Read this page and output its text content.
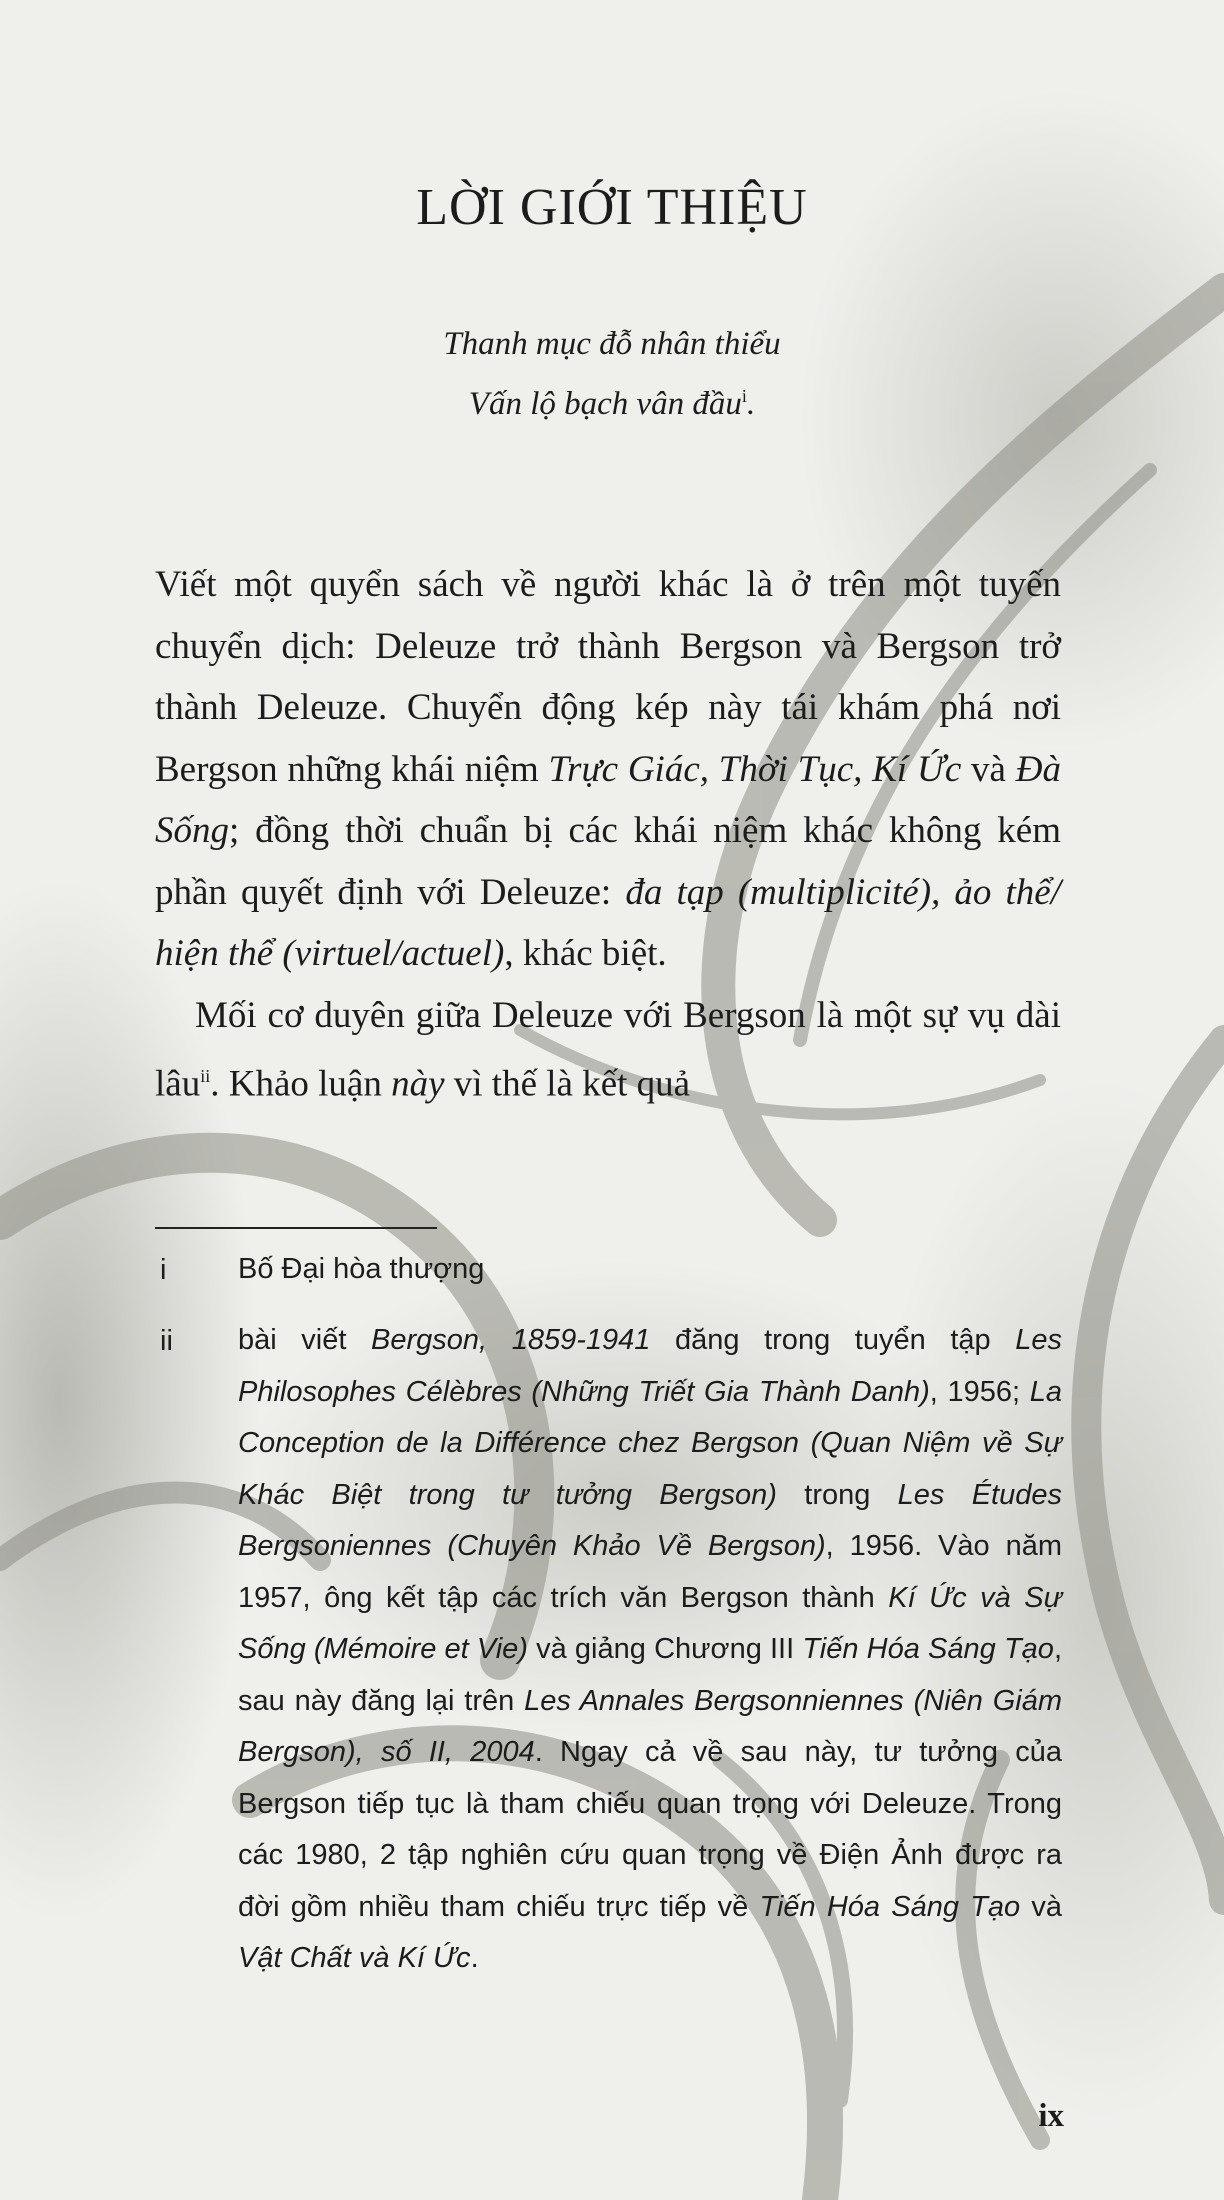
LỜI GIỚI THIỆU
Thanh mục đỗ nhân thiểu
Vấn lộ bạch vân đầu$^i$.

Viết một quyển sách về người khác là ở trên một tuyến chuyển dịch: Deleuze trở thành Bergson và Bergson trở thành Deleuze. Chuyển động kép này tái khám phá nơi Bergson những khái niệm Trực Giác, Thời Tục, Kí Ức và Đà Sống; đồng thời chuẩn bị các khái niệm khác không kém phần quyết định với Deleuze: đa tạp (multiplicité), ảo thể/ hiện thể (virtuel/actuel), khác biệt.

Mối cơ duyên giữa Deleuze với Bergson là một sự vụ dài lâu$^{ii}$. Khảo luận này vì thế là kết quả

i Bố Đại hòa thượng
ii bài viết Bergson, 1859-1941 đăng trong tuyển tập Les Philosophes Célèbres (Những Triết Gia Thành Danh), 1956; La Conception de la Différence chez Bergson (Quan Niệm về Sự Khác Biệt trong tư tưởng Bergson) trong Les Études Bergsoniennes (Chuyên Khảo Về Bergson), 1956. Vào năm 1957, ông kết tập các trích văn Bergson thành Kí Ức và Sự Sống (Mémoire et Vie) và giảng Chương III Tiến Hóa Sáng Tạo, sau này đăng lại trên Les Annales Bergsonniennes (Niên Giám Bergson), số II, 2004. Ngay cả về sau này, tư tưởng của Bergson tiếp tục là tham chiếu quan trọng với Deleuze. Trong các 1980, 2 tập nghiên cứu quan trọng về Điện Ảnh được ra đời gồm nhiều tham chiếu trực tiếp về Tiến Hóa Sáng Tạo và Vật Chất và Kí Ức.
ix
